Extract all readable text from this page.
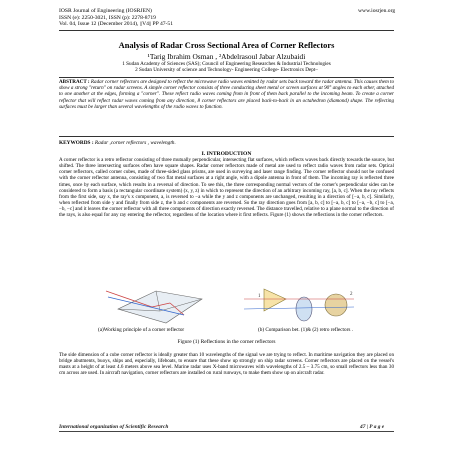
IOSR Journal of Engineering (IOSRJEN)
ISSN (e): 2250-3021, ISSN (p): 2278-8719
Vol. 04, Issue 12 (December 2014), ||V4|| PP 47-51
www.iosrjen.org
Analysis of Radar Cross Sectional Area of Corner Reflectors
¹Tarig Ibrahim Osman , ²Abdelrasoul Jabar Alzubaidi
1 Sudan Academy of Sciences (SAS); Council of Engineering Researches & Industrial Technologies
2 Sudan University of science and Technology- Engineering College- Electronics Dept–
ABSTRACT : Radar corner reflectors are designed to reflect the microwave radio waves emitted by radar sets back toward the radar antenna. This causes them to show a strong "return" on radar screens. A simple corner reflector consists of three conducting sheet metal or screen surfaces at 90° angles to each other, attached to one another at the edges, forming a "corner". These reflect radio waves coming from in front of them back parallel to the incoming beam. To create a corner reflector that will reflect radar waves coming from any direction, 8 corner reflectors are placed back-to-back in an octahedron (diamond) shape. The reflecting surfaces must be larger than several wavelengths of the radio waves to function.
KEYWORDS : Radar ,corner reflectors , wavelength.
I. INTRODUCTION
A corner reflector is a retro reflector consisting of three mutually perpendicular, intersecting flat surfaces, which reflects waves back directly towards the source, but shifted. The three intersecting surfaces often have square shapes. Radar corner reflectors made of metal are used to reflect radio waves from radar sets. Optical corner reflectors, called corner cubes, made of three-sided glass prisms, are used in surveying and laser range finding. The corner reflector should not be confused with the corner reflector antenna, consisting of two flat metal surfaces at a right angle, with a dipole antenna in front of them. The incoming ray is reflected three times, once by each surface, which results in a reversal of direction. To see this, the three corresponding normal vectors of the corner's perpendicular sides can be considered to form a basis (a rectangular coordinate system) (x, y, z) in which to represent the direction of an arbitrary incoming ray, [a, b, c]. When the ray reflects from the first side, say x, the ray's x component, a, is reversed to −a while the y and z components are unchanged, resulting in a direction of [−a, b, c]. Similarly, when reflected from side y and finally from side z, the b and c components are reversed. So the ray direction goes from [a, b, c] to [−a, b, c] to [−a, −b, c] to [−a, −b, −c] and it leaves the corner reflector with all three components of direction exactly reversed. The distance travelled, relative to a plane normal to the direction of the rays, is also equal for any ray entering the reflector, regardless of the location where it first reflects. Figure (1) shows the reflections in the corner reflectors.
1	2
(a)Working principle of a corner reflector	(b) Comparison bet. (1)& (2) retro reflectors .
Figure (1) Reflections in the corner reflectors
The side dimension of a cube corner reflector is ideally greater than 10 wavelengths of the signal we are trying to reflect. In maritime navigation they are placed on bridge abutments, buoys, ships and, especially, lifeboats, to ensure that these show up strongly on ship radar screens. Corner reflectors are placed on the vessel's masts at a height of at least 4.6 meters above sea level. Marine radar uses X-band microwaves with wavelengths of 2.5 – 3.75 cm, so small reflectors less than 30 cm across are used. In aircraft navigation, corner reflectors are installed on rural runways, to make them show up on aircraft radar.
International organization of Scientific Research	47 | P a g e
